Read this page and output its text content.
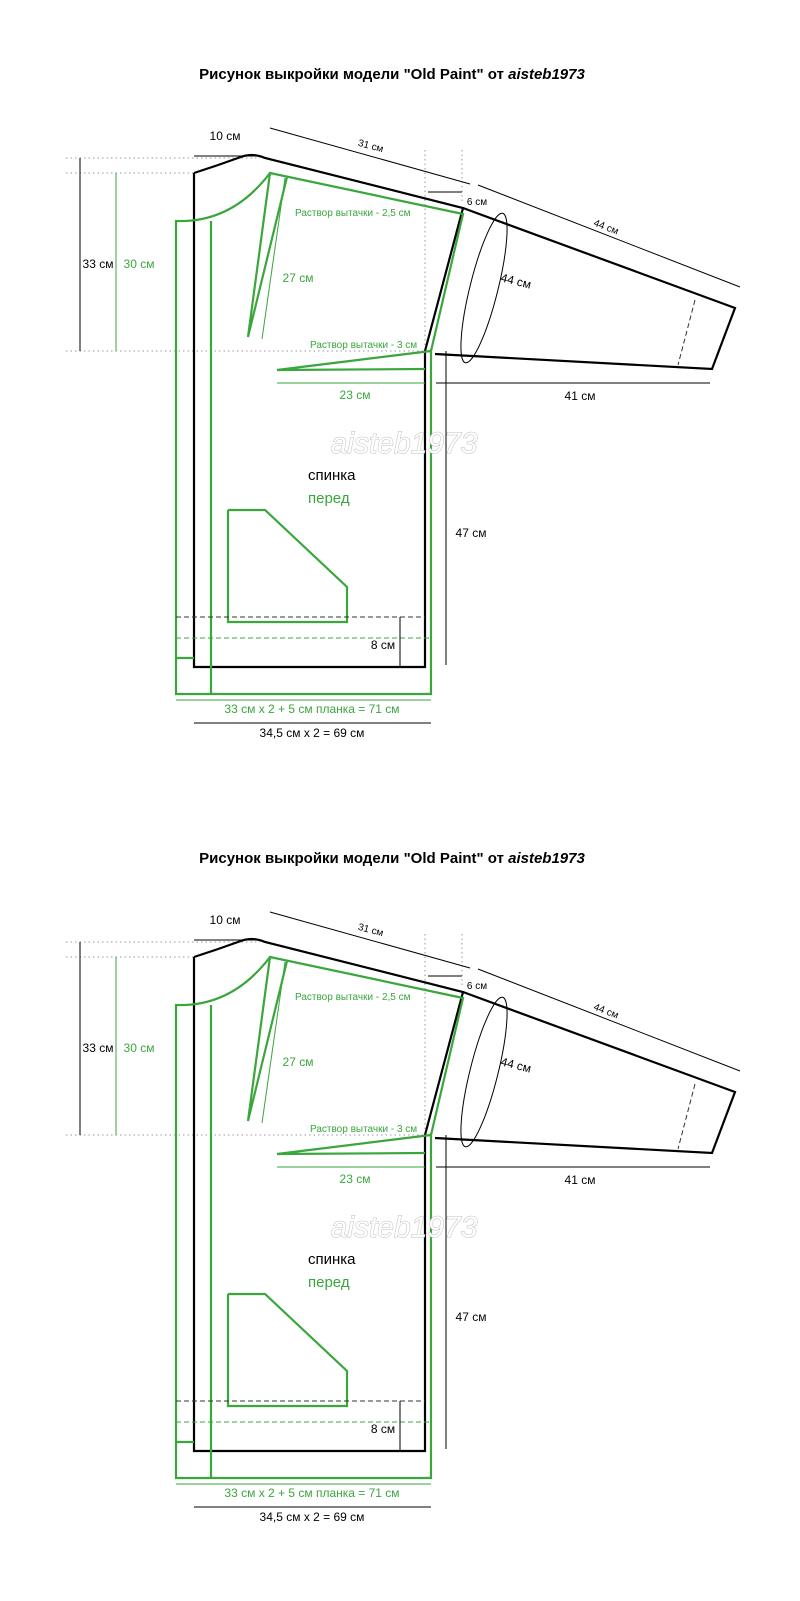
Рисунок выкройки модели "Old Paint" от aisteb1973
10 см
31 см
6 см
44 см
44 см
33 см 30 см
Раствор вытачки - 2,5 см
27 см
Раствор вытачки - 3 см
23 см	41 см
47 см
8 см
33 см х 2 + 5 см планка = 71 см
34,5 см х 2 = 69 см
aisteb1973
спинка
перед
Рисунок выкройки модели "Old Paint" от aisteb1973
10 см
31 см
6 см
44 см
44 см
33 см 30 см
Раствор вытачки - 2,5 см
27 см
Раствор вытачки - 3 см
23 см	41 см
47 см
8 см
33 см х 2 + 5 см планка = 71 см
34,5 см х 2 = 69 см
aisteb1973
спинка
перед
